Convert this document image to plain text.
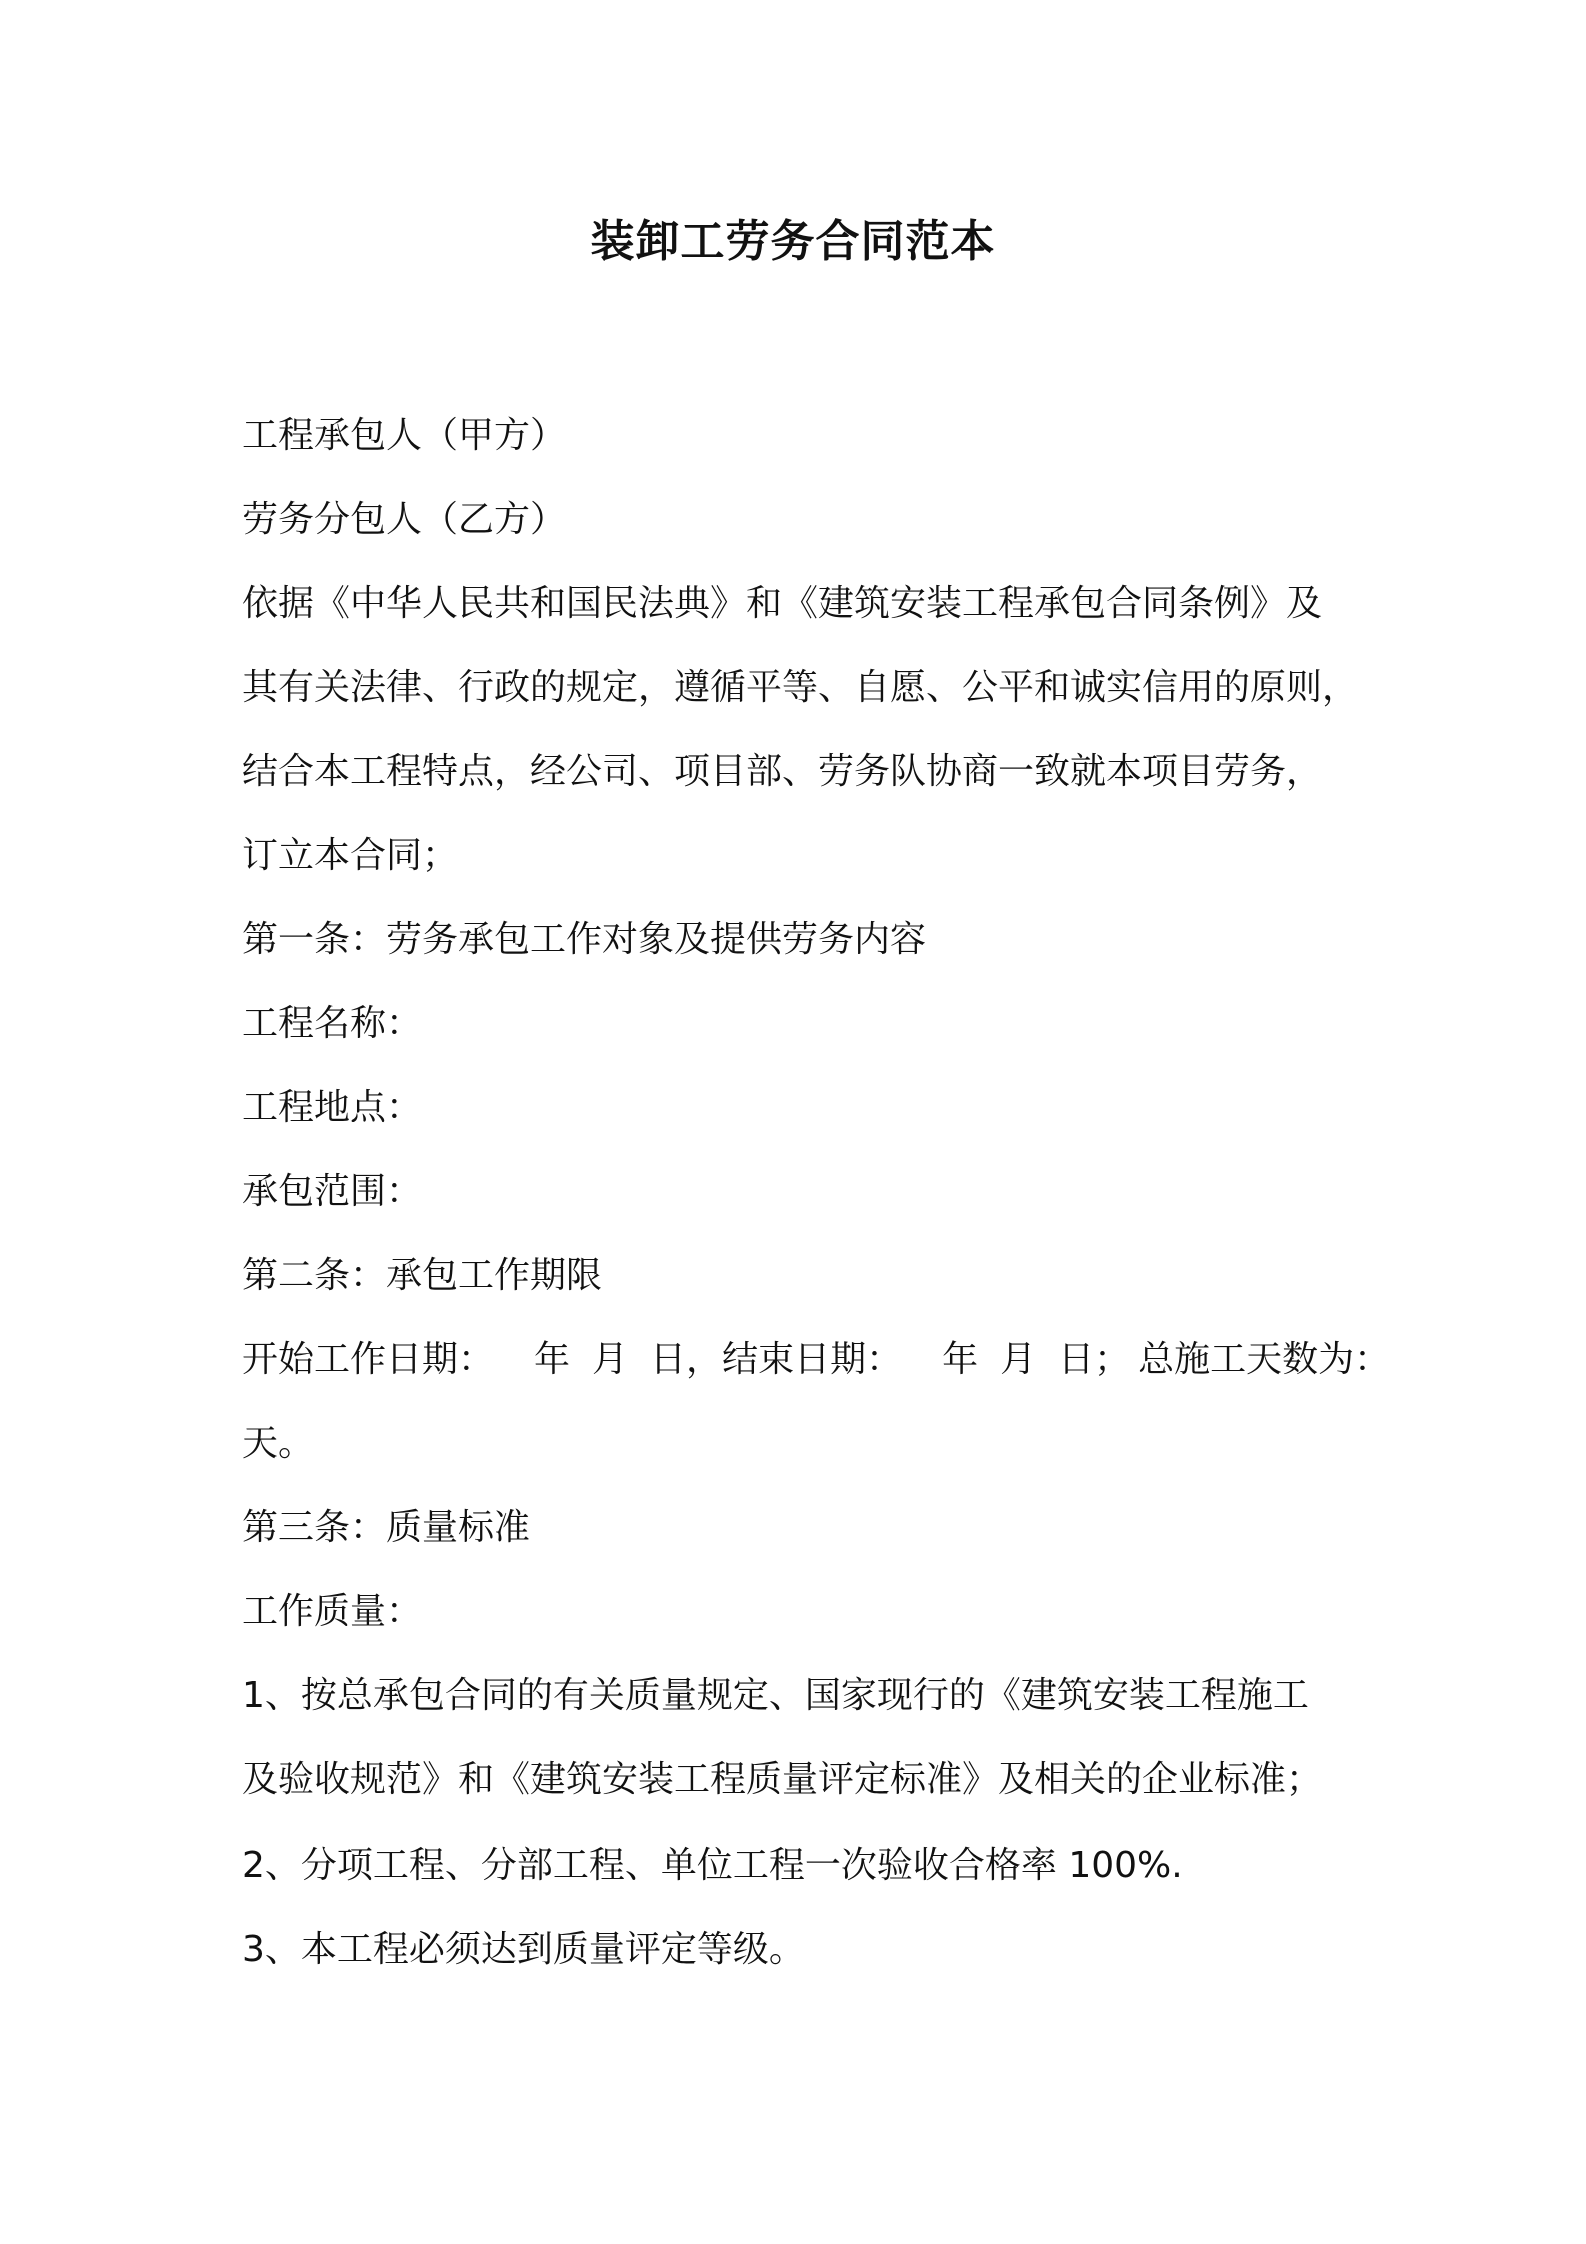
装卸工劳务合同范本
工程承包人（甲方）
劳务分包人（乙方）
依据《中华人民共和国民法典》和《建筑安装工程承包合同条例》及
其有关法律、行政的规定，遵循平等、自愿、公平和诚实信用的原则，
结合本工程特点，经公司、项目部、劳务队协商一致就本项目劳务，
订立本合同；
第一条：劳务承包工作对象及提供劳务内容
工程名称：
工程地点：
承包范围：
第二条：承包工作期限
开始工作日期： 年 月 日，结束日期： 年 月 日； 总施工天数为：
天。
第三条：质量标准
工作质量：
1、按总承包合同的有关质量规定、国家现行的《建筑安装工程施工
及验收规范》和《建筑安装工程质量评定标准》及相关的企业标准；
2、分项工程、分部工程、单位工程一次验收合格率 100%.
3、本工程必须达到质量评定等级。
